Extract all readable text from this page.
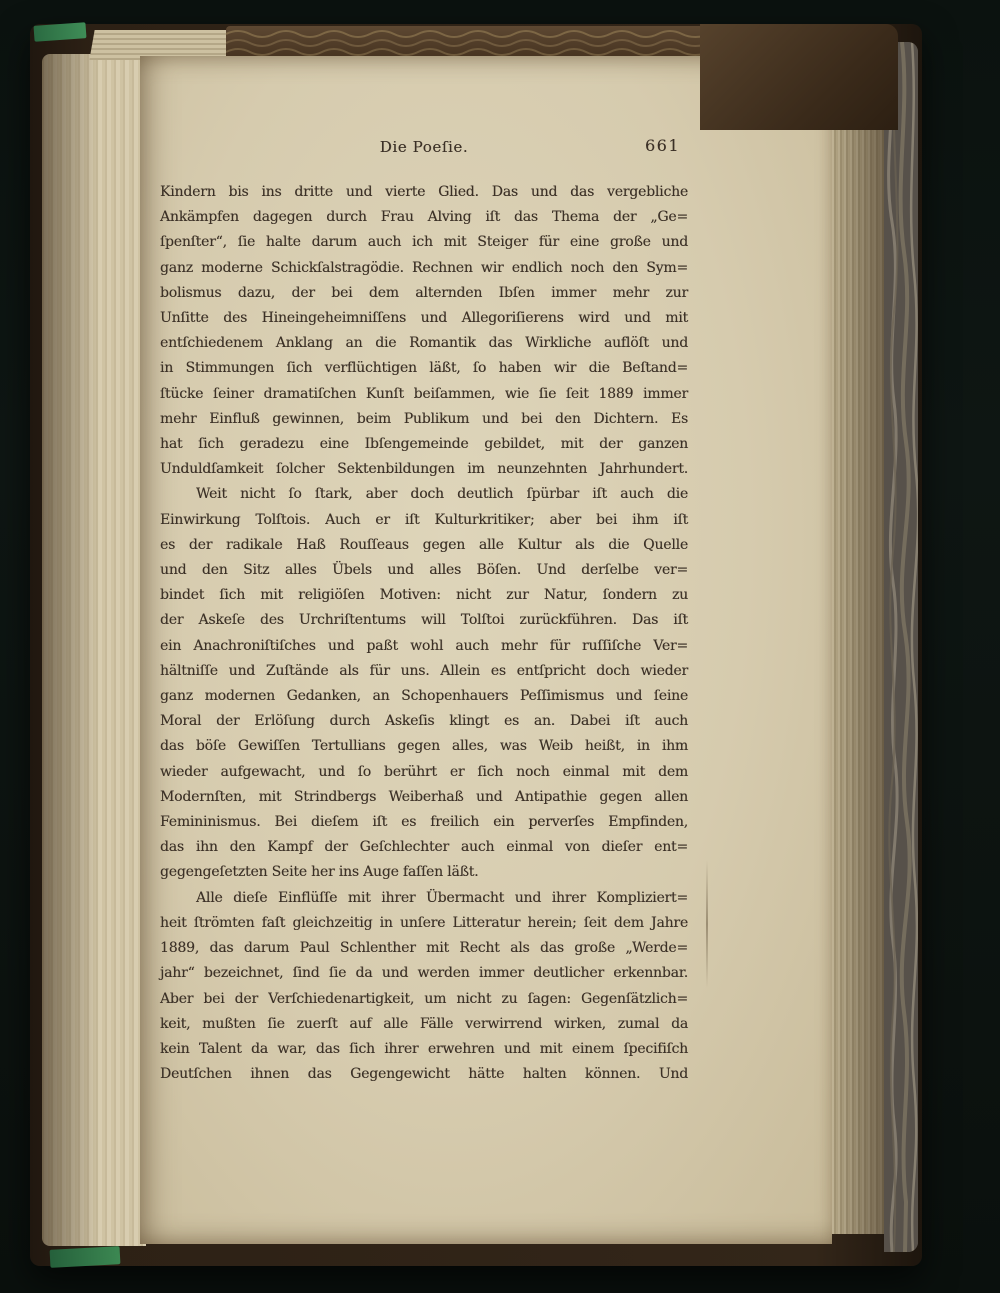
Die Poeſie.	661
Kindern bis ins dritte und vierte Glied. Das und das vergebliche
Ankämpfen dagegen durch Frau Alving iſt das Thema der „Ge=
ſpenſter“, ſie halte darum auch ich mit Steiger für eine große und
ganz moderne Schickſalstragödie. Rechnen wir endlich noch den Sym=
bolismus dazu, der bei dem alternden Ibſen immer mehr zur
Unſitte des Hineingeheimniſſens und Allegoriſierens wird und mit
entſchiedenem Anklang an die Romantik das Wirkliche auflöſt und
in Stimmungen ſich verflüchtigen läßt, ſo haben wir die Beſtand=
ſtücke ſeiner dramatiſchen Kunſt beiſammen, wie ſie ſeit 1889 immer
mehr Einfluß gewinnen, beim Publikum und bei den Dichtern. Es
hat ſich geradezu eine Ibſengemeinde gebildet, mit der ganzen
Unduldſamkeit ſolcher Sektenbildungen im neunzehnten Jahrhundert.
Weit nicht ſo ſtark, aber doch deutlich ſpürbar iſt auch die
Einwirkung Tolſtois. Auch er iſt Kulturkritiker; aber bei ihm iſt
es der radikale Haß Rouſſeaus gegen alle Kultur als die Quelle
und den Sitz alles Übels und alles Böſen. Und derſelbe ver=
bindet ſich mit religiöſen Motiven: nicht zur Natur, ſondern zu
der Askeſe des Urchriſtentums will Tolſtoi zurückführen. Das iſt
ein Anachroniſtiſches und paßt wohl auch mehr für ruſſiſche Ver=
hältniſſe und Zuſtände als für uns. Allein es entſpricht doch wieder
ganz modernen Gedanken, an Schopenhauers Peſſimismus und ſeine
Moral der Erlöſung durch Askeſis klingt es an. Dabei iſt auch
das böſe Gewiſſen Tertullians gegen alles, was Weib heißt, in ihm
wieder aufgewacht, und ſo berührt er ſich noch einmal mit dem
Modernſten, mit Strindbergs Weiberhaß und Antipathie gegen allen
Femininismus. Bei dieſem iſt es freilich ein perverſes Empfinden,
das ihn den Kampf der Geſchlechter auch einmal von dieſer ent=
gegengeſetzten Seite her ins Auge faſſen läßt.
Alle dieſe Einflüſſe mit ihrer Übermacht und ihrer Kompliziert=
heit ſtrömten faſt gleichzeitig in unſere Litteratur herein; ſeit dem Jahre
1889, das darum Paul Schlenther mit Recht als das große „Werde=
jahr“ bezeichnet, ſind ſie da und werden immer deutlicher erkennbar.
Aber bei der Verſchiedenartigkeit, um nicht zu ſagen: Gegenſätzlich=
keit, mußten ſie zuerſt auf alle Fälle verwirrend wirken, zumal da
kein Talent da war, das ſich ihrer erwehren und mit einem ſpecifiſch
Deutſchen ihnen das Gegengewicht hätte halten können. Und
